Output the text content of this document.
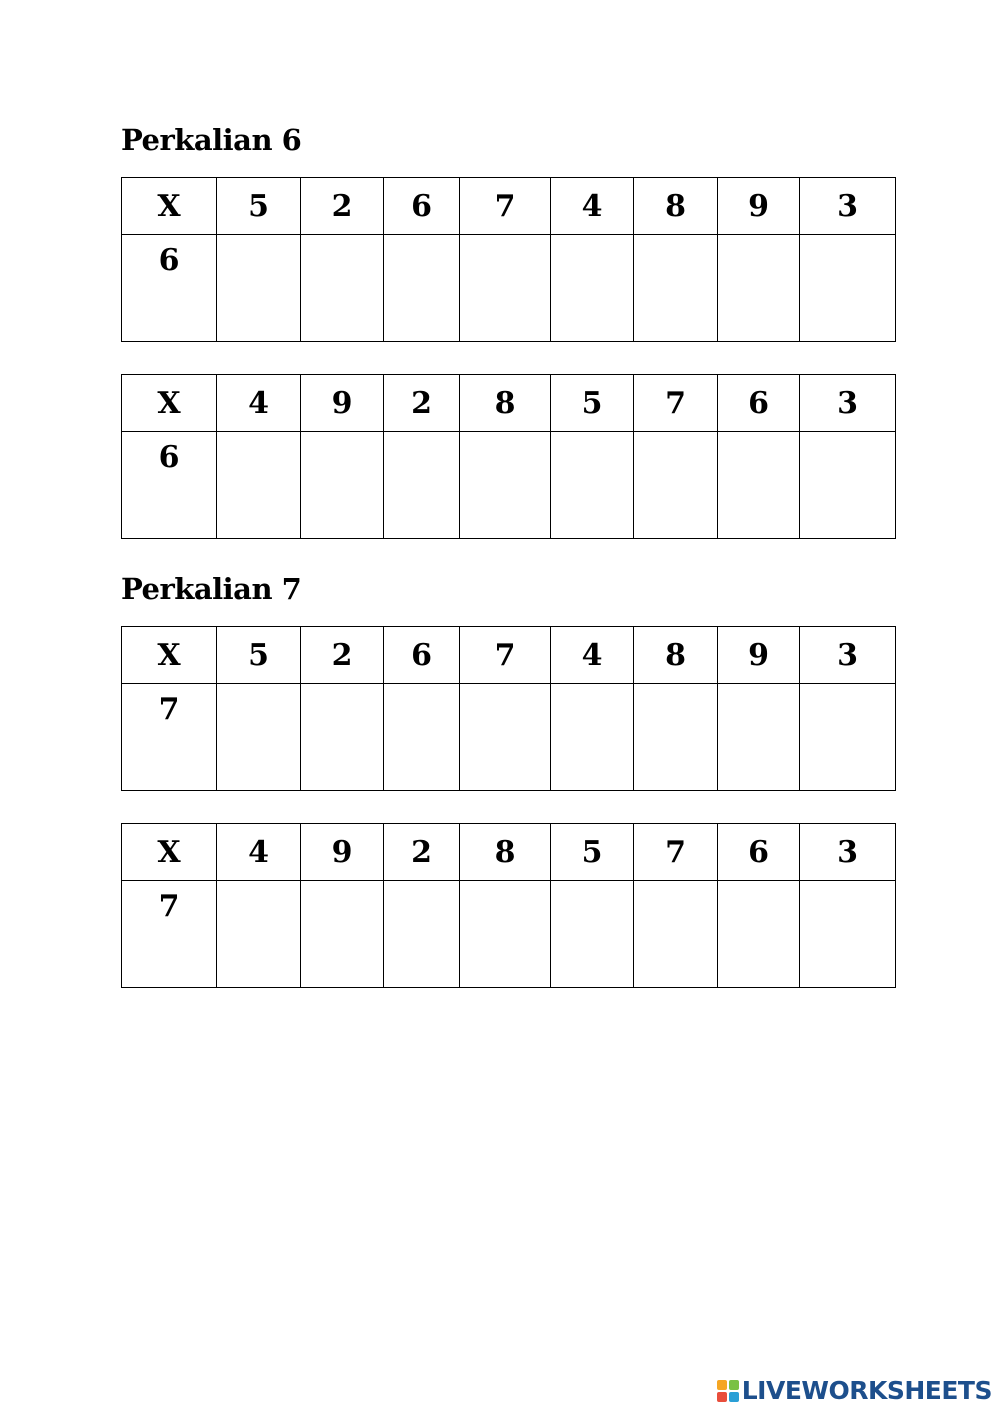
Perkalian 6
X	5	2	6	7	4	8	9	3
6								
X	4	9	2	8	5	7	6	3
6								
Perkalian 7
X	5	2	6	7	4	8	9	3
7								
X	4	9	2	8	5	7	6	3
7								
LIVEWORKSHEETS
